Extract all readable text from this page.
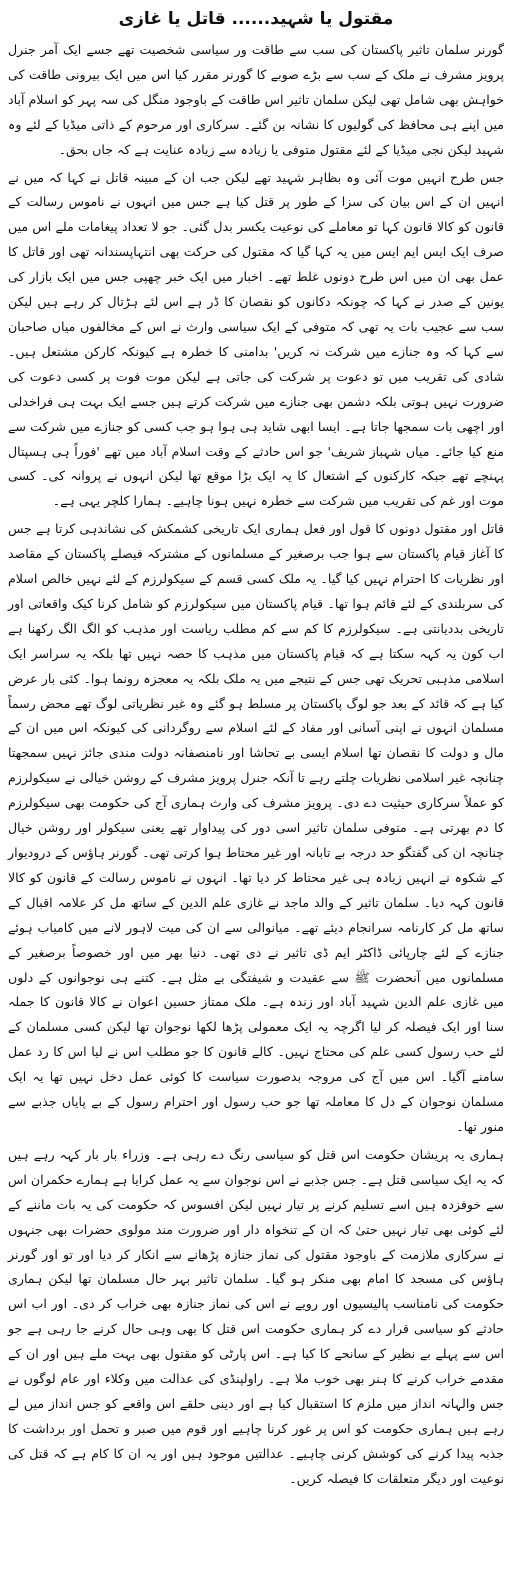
مقتول یا شہید...... قاتل یا غازی

گورنر سلمان تاثیر پاکستان کی سب سے طاقت ور سیاسی شخصیت تھے جسے ایک آمر جنرل پرویز مشرف نے ملک کے سب سے بڑے صوبے کا گورنر مقرر کیا اس میں ایک بیرونی طاقت کی خواہش بھی شامل تھی لیکن سلمان تاثیر اس طاقت کے باوجود منگل کی سہ پہر کو اسلام آباد میں اپنے ہی محافظ کی گولیوں کا نشانہ بن گئے۔ سرکاری اور مرحوم کے ذاتی میڈیا کے لئے وہ شہید لیکن نجی میڈیا کے لئے مقتول متوفی یا زیادہ سے زیادہ عنایت ہے کہ جاں بحق۔

جس طرح انہیں موت آئی وہ بظاہر شہید تھے لیکن جب ان کے مبینہ قاتل نے کہا کہ میں نے انہیں ان کے اس بیان کی سزا کے طور پر قتل کیا ہے جس میں انہوں نے ناموس رسالت کے قانون کو کالا قانون کہا تو معاملے کی نوعیت یکسر بدل گئی۔ جو لا تعداد پیغامات ملے اس میں صرف ایک ایس ایم ایس میں یہ کہا گیا کہ مقتول کی حرکت بھی انتہاپسندانہ تھی اور قاتل کا عمل بھی ان میں اس طرح دونوں غلط تھے۔ اخبار میں ایک خبر چھپی جس میں ایک بازار کی یونین کے صدر نے کہا کہ چونکہ دکانوں کو نقصان کا ڈر ہے اس لئے ہڑتال کر رہے ہیں لیکن سب سے عجیب بات یہ تھی کہ متوفی کے ایک سیاسی وارث نے اس کے مخالفوں میاں صاحبان سے کہا کہ وہ جنازے میں شرکت نہ کریں' بدامنی کا خطرہ ہے کیونکہ کارکن مشتعل ہیں۔ شادی کی تقریب میں تو دعوت پر شرکت کی جاتی ہے لیکن موت فوت پر کسی دعوت کی ضرورت نہیں ہوتی بلکہ دشمن بھی جنازے میں شرکت کرتے ہیں جسے ایک بہت ہی فراخدلی اور اچھی بات سمجھا جاتا ہے۔ ایسا ابھی شاید ہی ہوا ہو جب کسی کو جنازے میں شرکت سے منع کیا جائے۔ میاں شہباز شریف' جو اس حادثے کے وقت اسلام آباد میں تھے 'فوراً ہی ہسپتال پہنچے تھے جبکہ کارکنوں کے اشتعال کا یہ ایک بڑا موقع تھا لیکن انہوں نے پروانہ کی۔ کسی موت اور غم کی تقریب میں شرکت سے خطرہ نہیں ہونا چاہیے۔ ہمارا کلچر یہی ہے۔

قاتل اور مقتول دونوں کا قول اور فعل ہماری ایک تاریخی کشمکش کی نشاندہی کرتا ہے جس کا آغاز قیام پاکستان سے ہوا جب برصغیر کے مسلمانوں کے مشترکہ فیصلے پاکستان کے مقاصد اور نظریات کا احترام نہیں کیا گیا۔ یہ ملک کسی قسم کے سیکولرزم کے لئے نہیں خالص اسلام کی سربلندی کے لئے قائم ہوا تھا۔ قیام پاکستان میں سیکولرزم کو شامل کرنا کیک واقعاتی اور تاریخی بددیانتی ہے۔ سیکولرزم کا کم سے کم مطلب ریاست اور مذہب کو الگ الگ رکھنا ہے اب کون یہ کہہ سکتا ہے کہ قیام پاکستان میں مذہب کا حصہ نہیں تھا بلکہ یہ سراسر ایک اسلامی مذہبی تحریک تھی جس کے نتیجے میں یہ ملک بلکہ یہ معجزہ رونما ہوا۔ کئی بار عرض کیا ہے کہ قائد کے بعد جو لوگ پاکستان پر مسلط ہو گئے وہ غیر نظریاتی لوگ تھے محض رسماً مسلمان انہوں نے اپنی آسانی اور مفاد کے لئے اسلام سے روگردانی کی کیونکہ اس میں ان کے مال و دولت کا نقصان تھا اسلام ایسی بے تحاشا اور نامنصفانہ دولت مندی جائز نہیں سمجھتا چنانچہ غیر اسلامی نظریات چلتے رہے تا آنکہ جنرل پرویز مشرف کے روشن خیالی نے سیکولرزم کو عملاً سرکاری حیثیت دے دی۔ پرویز مشرف کی وارث ہماری آج کی حکومت بھی سیکولرزم کا دم بھرتی ہے۔ متوفی سلمان تاثیر اسی دور کی پیداوار تھے یعنی سیکولر اور روشن خیال چنانچہ ان کی گفتگو حد درجہ بے تابانہ اور غیر محتاط ہوا کرتی تھی۔ گورنر ہاؤس کے درودیوار کے شکوہ نے انہیں زیادہ ہی غیر محتاط کر دیا تھا۔ انہوں نے ناموس رسالت کے قانون کو کالا قانون کہہ دیا۔ سلمان تاثیر کے والد ماجد نے غازی علم الدین کے ساتھ مل کر علامہ اقبال کے ساتھ مل کر کارنامہ سرانجام دیئے تھے۔ میانوالی سے ان کی میت لاہور لانے میں کامیاب ہوئے جنازے کے لئے چارپائی ڈاکٹر ایم ڈی تاثیر نے دی تھی۔ دنیا بھر میں اور خصوصاً برصغیر کے مسلمانوں میں آنحضرت ﷺ سے عقیدت و شیفتگی بے مثل ہے۔ کتنے ہی نوجوانوں کے دلوں میں غازی علم الدین شہید آباد اور زندہ ہے۔ ملک ممتاز حسین اعوان نے کالا قانون کا جملہ سنا اور ایک فیصلہ کر لیا اگرچہ یہ ایک معمولی پڑھا لکھا نوجوان تھا لیکن کسی مسلمان کے لئے حب رسول کسی علم کی محتاج نہیں۔ کالے قانون کا جو مطلب اس نے لیا اس کا رد عمل سامنے آگیا۔ اس میں آج کی مروجہ بدصورت سیاست کا کوئی عمل دخل نہیں تھا یہ ایک مسلمان نوجوان کے دل کا معاملہ تھا جو حب رسول اور احترام رسول کے بے پایاں جذبے سے منور تھا۔

ہماری یہ پریشان حکومت اس قتل کو سیاسی رنگ دے رہی ہے۔ وزراء بار بار کہہ رہے ہیں کہ یہ ایک سیاسی قتل ہے۔ جس جذبے نے اس نوجوان سے یہ عمل کرایا ہے ہمارے حکمران اس سے خوفزدہ ہیں اسے تسلیم کرنے پر تیار نہیں لیکن افسوس کہ حکومت کی یہ بات ماننے کے لئے کوئی بھی تیار نہیں حتیٰ کہ ان کے تنخواہ دار اور ضرورت مند مولوی حضرات بھی جنہوں نے سرکاری ملازمت کے باوجود مقتول کی نماز جنازہ پڑھانے سے انکار کر دیا اور تو اور گورنر ہاؤس کی مسجد کا امام بھی منکر ہو گیا۔ سلمان تاثیر بہر حال مسلمان تھا لیکن ہماری حکومت کی نامناسب پالیسیوں اور رویے نے اس کی نماز جنازہ بھی خراب کر دی۔ اور اب اس حادثے کو سیاسی قرار دے کر ہماری حکومت اس قتل کا بھی وہی حال کرنے جا رہی ہے جو اس سے پہلے بے نظیر کے سانحے کا کیا ہے۔ اس پارٹی کو مقتول بھی بہت ملے ہیں اور ان کے مقدمے خراب کرنے کا ہنر بھی خوب ملا ہے۔ راولپنڈی کی عدالت میں وکلاء اور عام لوگوں نے جس والہانہ انداز میں ملزم کا استقبال کیا ہے اور دینی حلقے اس واقعے کو جس انداز میں لے رہے ہیں ہماری حکومت کو اس پر غور کرنا چاہیے اور قوم میں صبر و تحمل اور برداشت کا جذبہ پیدا کرنے کی کوشش کرنی چاہیے۔ عدالتیں موجود ہیں اور یہ ان کا کام ہے کہ قتل کی نوعیت اور دیگر متعلقات کا فیصلہ کریں۔
